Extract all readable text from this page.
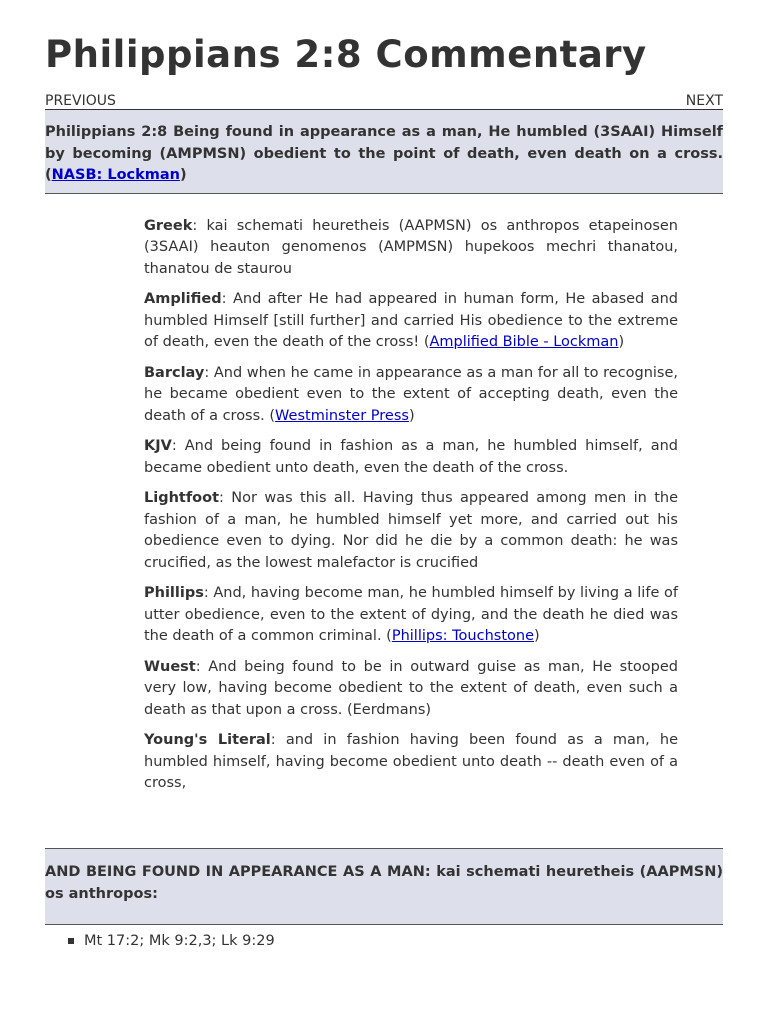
Philippians 2:8 Commentary
PREVIOUS	NEXT
Philippians 2:8 Being found in appearance as a man, He humbled (3SAAI) Himself by becoming (AMPMSN) obedient to the point of death, even death on a cross. (NASB: Lockman)

Greek: kai schemati heuretheis (AAPMSN) os anthropos etapeinosen (3SAAI) heauton genomenos (AMPMSN) hupekoos mechri thanatou, thanatou de staurou

Amplified: And after He had appeared in human form, He abased and humbled Himself [still further] and carried His obedience to the extreme of death, even the death of the cross! (Amplified Bible - Lockman)

Barclay: And when he came in appearance as a man for all to recognise, he became obedient even to the extent of accepting death, even the death of a cross. (Westminster Press)

KJV: And being found in fashion as a man, he humbled himself, and became obedient unto death, even the death of the cross.

Lightfoot: Nor was this all. Having thus appeared among men in the fashion of a man, he humbled himself yet more, and carried out his obedience even to dying. Nor did he die by a common death: he was crucified, as the lowest malefactor is crucified

Phillips: And, having become man, he humbled himself by living a life of utter obedience, even to the extent of dying, and the death he died was the death of a common criminal. (Phillips: Touchstone)

Wuest: And being found to be in outward guise as man, He stooped very low, having become obedient to the extent of death, even such a death as that upon a cross. (Eerdmans)

Young's Literal: and in fashion having been found as a man, he humbled himself, having become obedient unto death -- death even of a cross,

AND BEING FOUND IN APPEARANCE AS A MAN: kai schemati heuretheis (AAPMSN) os anthropos:
Mt 17:2; Mk 9:2,3; Lk 9:29
